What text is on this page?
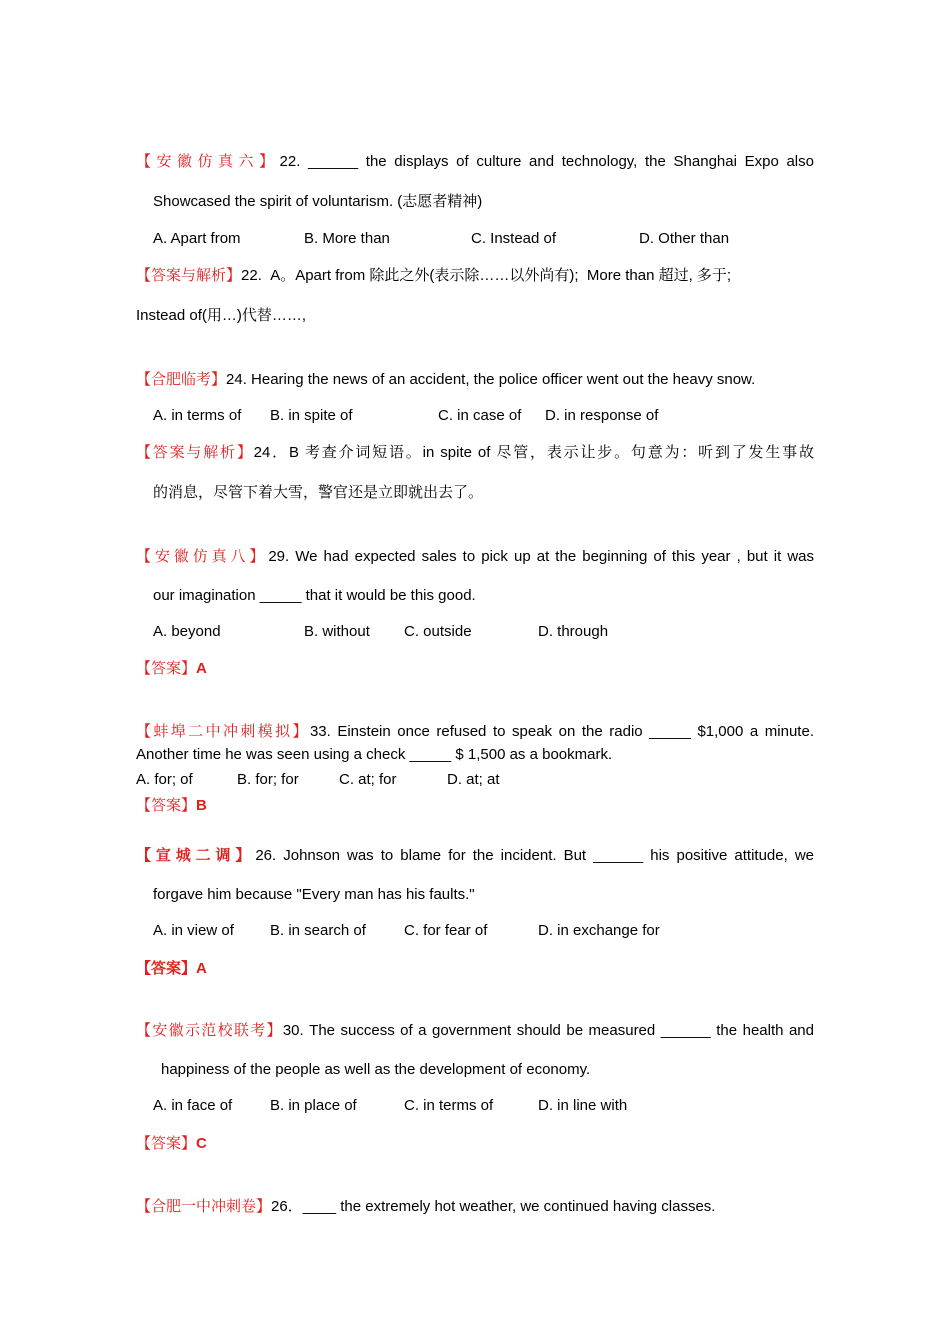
【安徽仿真六】22. ______ the displays of culture and technology, the Shanghai Expo also
Showcased the spirit of voluntarism. (志愿者精神)
A. Apart from	B. More than	C. Instead of	D. Other than
【答案与解析】22.  A。Apart from 除此之外(表示除……以外尚有);  More than 超过, 多于;
Instead of(用…)代替……,
【合肥临考】24. Hearing the news of an accident, the police officer went out the heavy snow.
A. in terms of B. in spite of	C. in case of D. in response of
【答案与解析】24．B 考查介词短语。in spite of 尽管，表示让步。句意为：听到了发生事故
的消息，尽管下着大雪，警官还是立即就出去了。
【安徽仿真八】29. We had expected sales to pick up at the beginning of this year , but it was
our imagination _____ that it would be this good.
A. beyond	B. without C. outside	D. through
【答案】A
【蚌埠二中冲刺模拟】33. Einstein once refused to speak on the radio _____ $1,000 a minute.
Another time he was seen using a check _____ $ 1,500 as a bookmark.
A. for; of	B. for; for	C. at; for	D. at; at
【答案】B
【宣城二调】26. Johnson was to blame for the incident. But ______ his positive attitude, we
forgave him because "Every man has his faults."
A. in view of B. in search of	C. for fear of	D. in exchange for
【答案】A
【安徽示范校联考】30. The success of a government should be measured ______ the health and
happiness of the people as well as the development of economy.
A. in face of	B. in place of	C. in terms of	D. in line with
【答案】C
【合肥一中冲刺卷】26．____ the extremely hot weather, we continued having classes.
